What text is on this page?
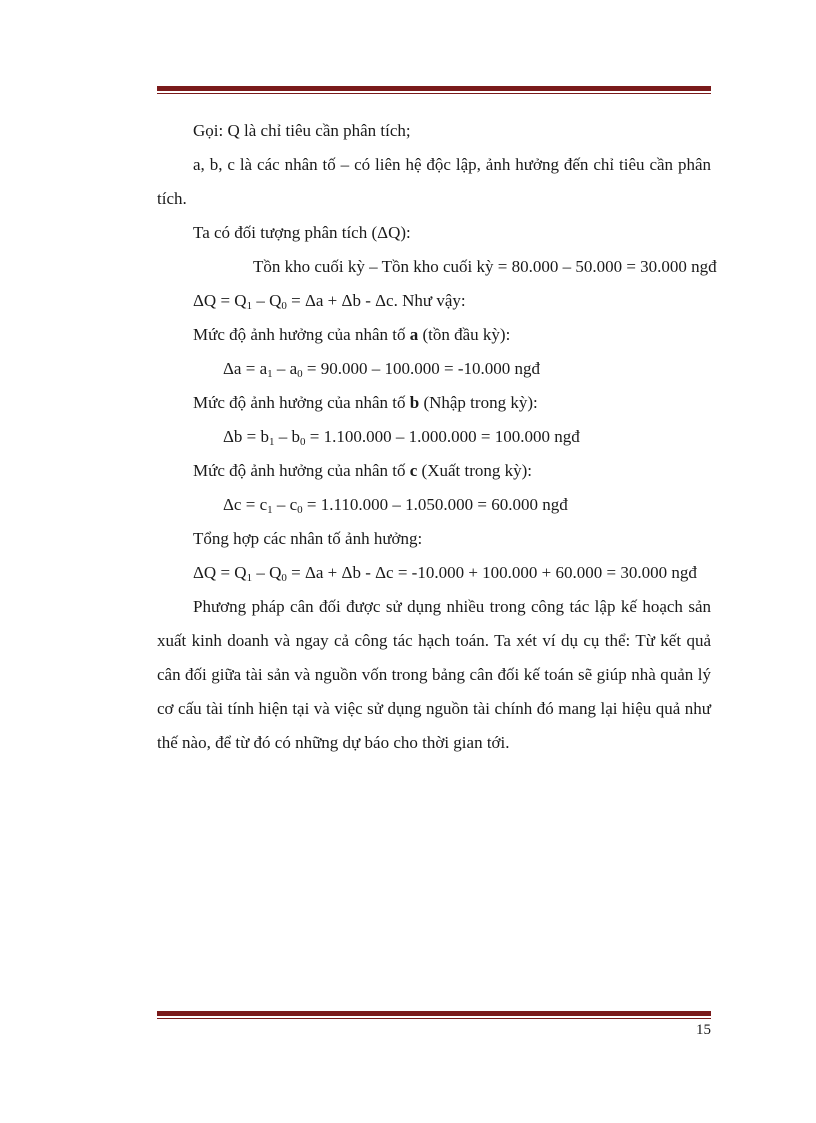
Gọi: Q là chỉ tiêu cần phân tích;
a, b, c là các nhân tố – có liên hệ độc lập, ảnh hưởng đến chỉ tiêu cần phân
tích.
Ta có đối tượng phân tích (ΔQ):
Tồn kho cuối kỳ – Tồn kho cuối kỳ = 80.000 – 50.000 = 30.000 ngđ
$\Delta Q = Q_1 - Q_0 = \Delta a + \Delta b - \Delta c$. Như vậy:
Mức độ ảnh hưởng của nhân tố a (tồn đầu kỳ):
$\Delta a = a_1 - a_0 = 90.000 - 100.000 = -10.000$ ngđ
Mức độ ảnh hưởng của nhân tố b (Nhập trong kỳ):
$\Delta b = b_1 - b_0 = 1.100.000 - 1.000.000 = 100.000$ ngđ
Mức độ ảnh hưởng của nhân tố c (Xuất trong kỳ):
$\Delta c = c_1 - c_0 = 1.110.000 - 1.050.000 = 60.000$ ngđ
Tổng hợp các nhân tố ảnh hưởng:
$\Delta Q = Q_1 - Q_0 = \Delta a + \Delta b - \Delta c = -10.000 + 100.000 + 60.000 = 30.000$ ngđ
Phương pháp cân đối được sử dụng nhiều trong công tác lập kế hoạch sản xuất kinh doanh và ngay cả công tác hạch toán. Ta xét ví dụ cụ thể: Từ kết quả cân đối giữa tài sản và nguồn vốn trong bảng cân đối kế toán sẽ giúp nhà quản lý cơ cấu tài tính hiện tại và việc sử dụng nguồn tài chính đó mang lại hiệu quả như thế nào, để từ đó có những dự báo cho thời gian tới.
15
